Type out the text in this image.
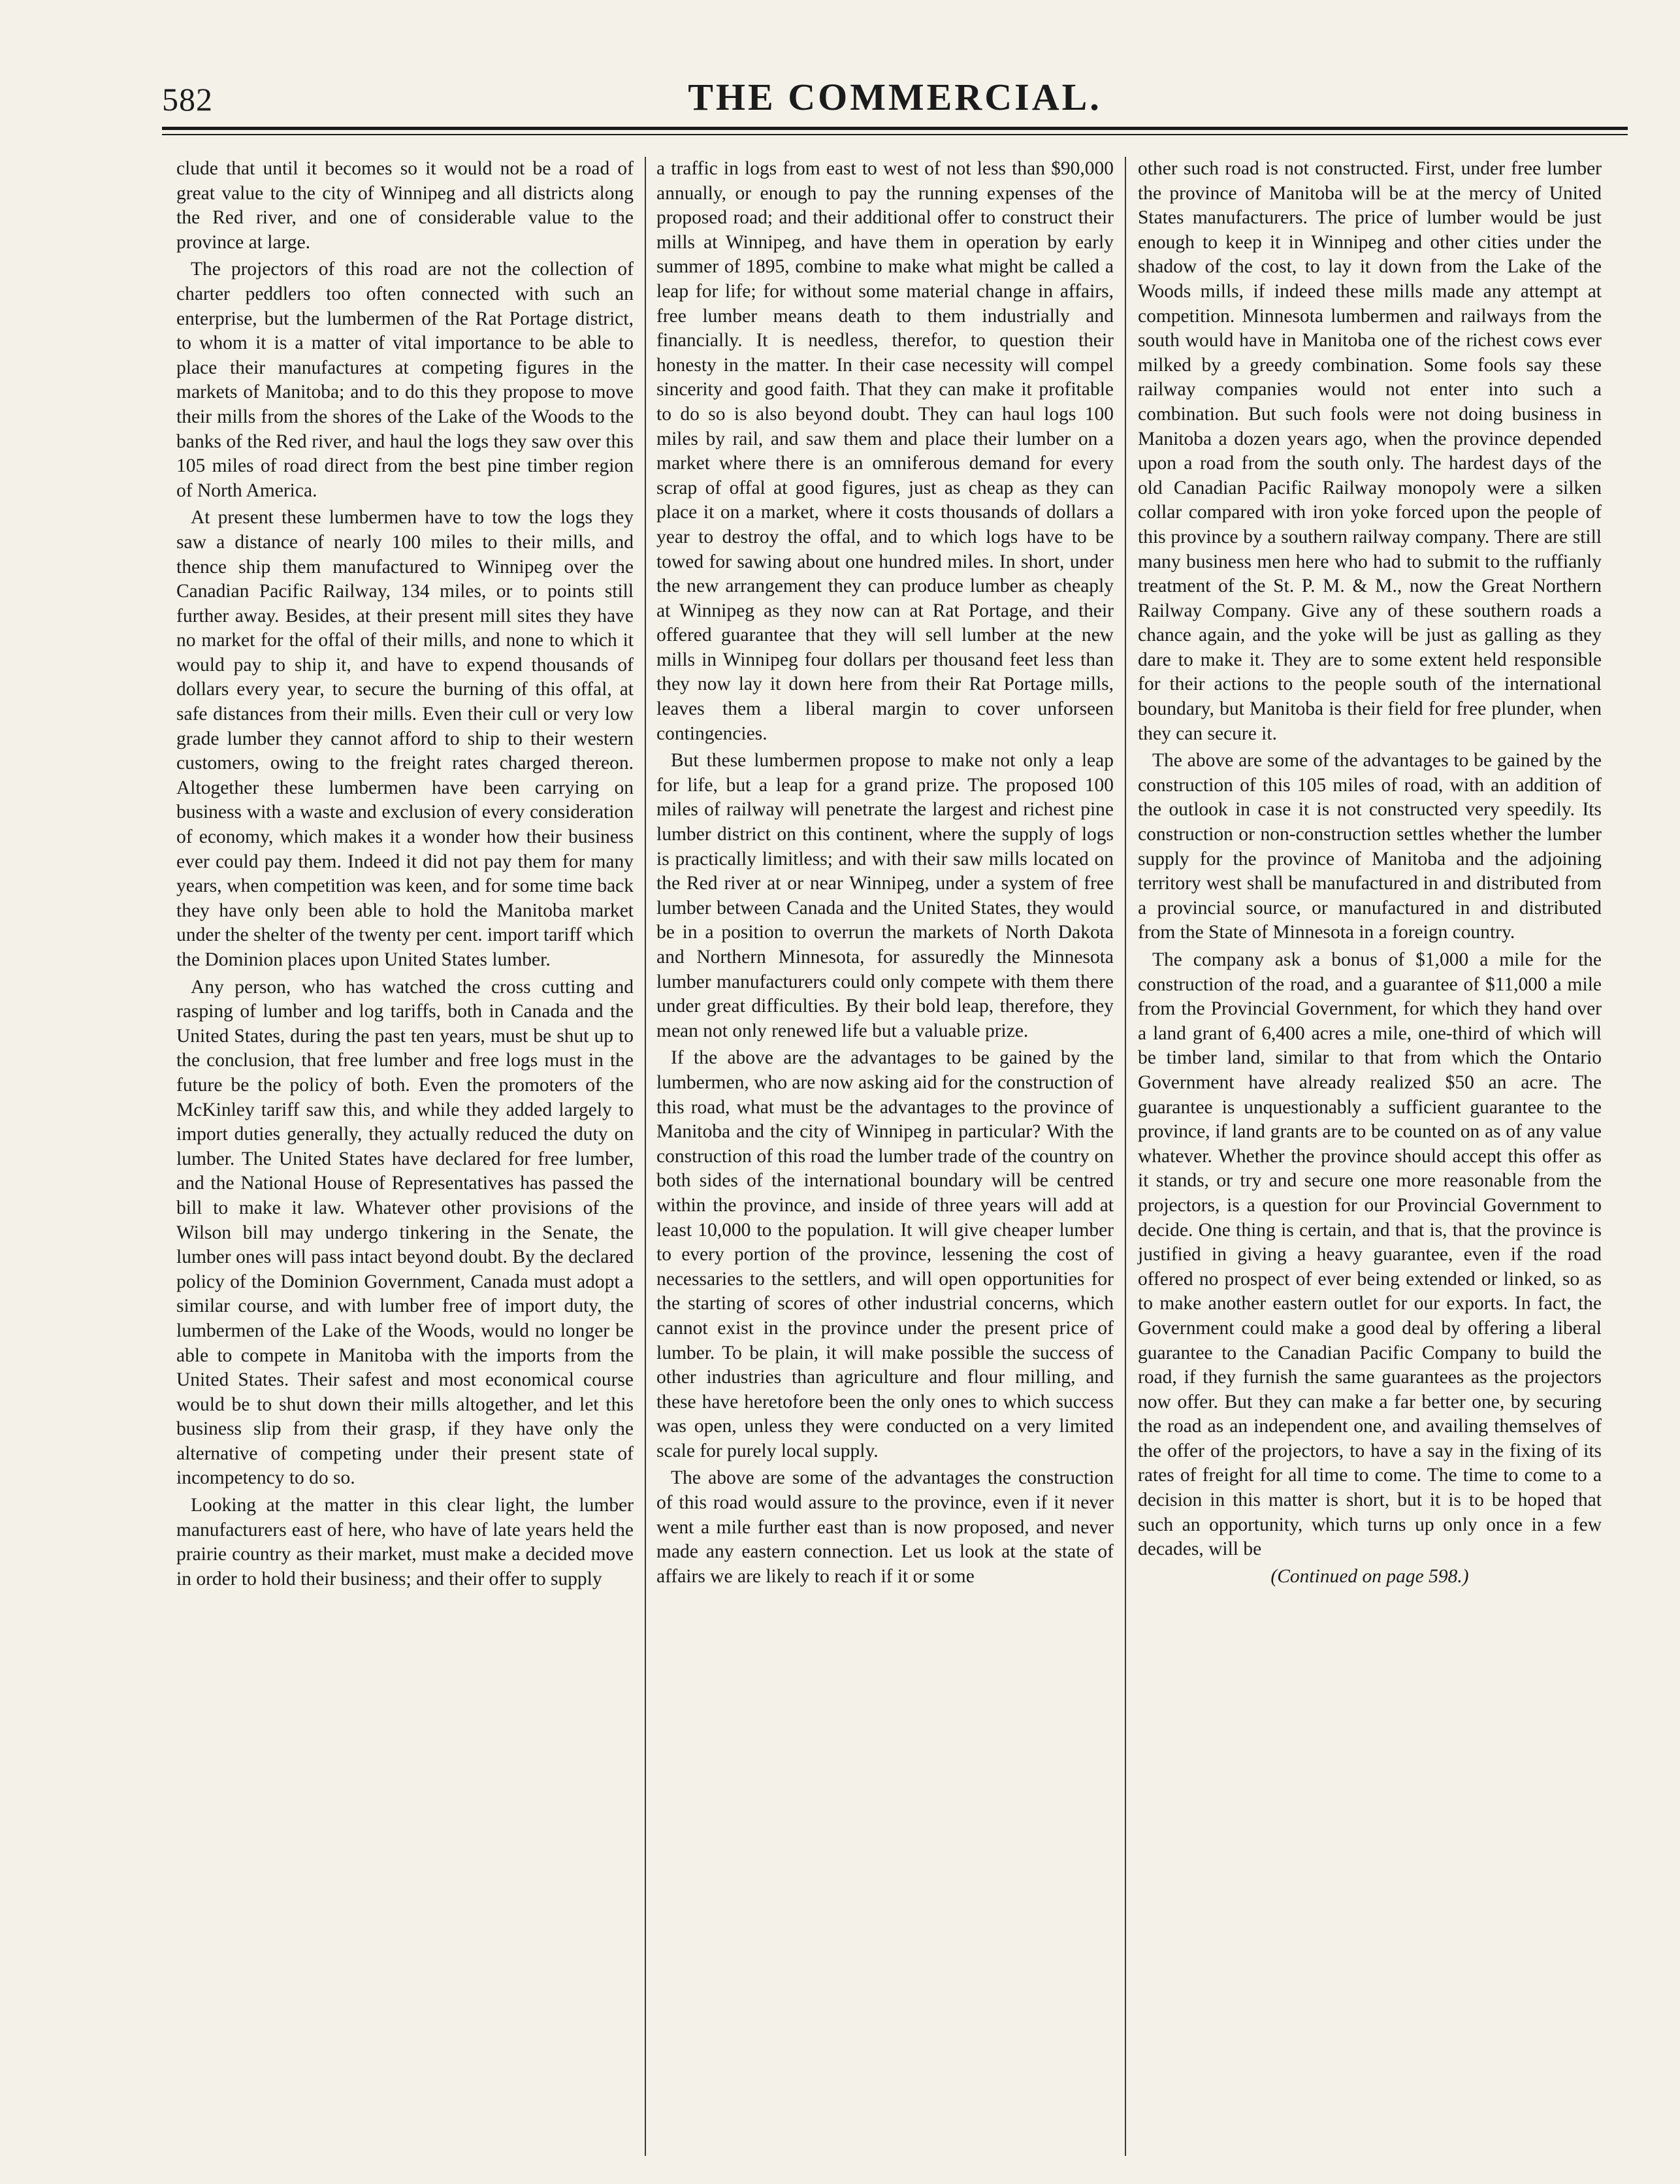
582	THE COMMERCIAL.

clude that until it becomes so it would not be a road of great value to the city of Winnipeg and all districts along the Red river, and one of considerable value to the province at large.

The projectors of this road are not the collection of charter peddlers too often connected with such an enterprise, but the lumbermen of the Rat Portage district, to whom it is a matter of vital importance to be able to place their manufactures at competing figures in the markets of Manitoba; and to do this they propose to move their mills from the shores of the Lake of the Woods to the banks of the Red river, and haul the logs they saw over this 105 miles of road direct from the best pine timber region of North America.

At present these lumbermen have to tow the logs they saw a distance of nearly 100 miles to their mills, and thence ship them manufactured to Winnipeg over the Canadian Pacific Railway, 134 miles, or to points still further away. Besides, at their present mill sites they have no market for the offal of their mills, and none to which it would pay to ship it, and have to expend thousands of dollars every year, to secure the burning of this offal, at safe distances from their mills. Even their cull or very low grade lumber they cannot afford to ship to their western customers, owing to the freight rates charged thereon. Altogether these lumbermen have been carrying on business with a waste and exclusion of every consideration of economy, which makes it a wonder how their business ever could pay them. Indeed it did not pay them for many years, when competition was keen, and for some time back they have only been able to hold the Manitoba market under the shelter of the twenty per cent. import tariff which the Dominion places upon United States lumber.

Any person, who has watched the cross cutting and rasping of lumber and log tariffs, both in Canada and the United States, during the past ten years, must be shut up to the conclusion, that free lumber and free logs must in the future be the policy of both. Even the promoters of the McKinley tariff saw this, and while they added largely to import duties generally, they actually reduced the duty on lumber. The United States have declared for free lumber, and the National House of Representatives has passed the bill to make it law. Whatever other provisions of the Wilson bill may undergo tinkering in the Senate, the lumber ones will pass intact beyond doubt. By the declared policy of the Dominion Government, Canada must adopt a similar course, and with lumber free of import duty, the lumbermen of the Lake of the Woods, would no longer be able to compete in Manitoba with the imports from the United States. Their safest and most economical course would be to shut down their mills altogether, and let this business slip from their grasp, if they have only the alternative of competing under their present state of incompetency to do so.

Looking at the matter in this clear light, the lumber manufacturers east of here, who have of late years held the prairie country as their market, must make a decided move in order to hold their business; and their offer to supply

a traffic in logs from east to west of not less than $90,000 annually, or enough to pay the running expenses of the proposed road; and their additional offer to construct their mills at Winnipeg, and have them in operation by early summer of 1895, combine to make what might be called a leap for life; for without some material change in affairs, free lumber means death to them industrially and financially. It is needless, therefor, to question their honesty in the matter. In their case necessity will compel sincerity and good faith. That they can make it profitable to do so is also beyond doubt. They can haul logs 100 miles by rail, and saw them and place their lumber on a market where there is an omniferous demand for every scrap of offal at good figures, just as cheap as they can place it on a market, where it costs thousands of dollars a year to destroy the offal, and to which logs have to be towed for sawing about one hundred miles. In short, under the new arrangement they can produce lumber as cheaply at Winnipeg as they now can at Rat Portage, and their offered guarantee that they will sell lumber at the new mills in Winnipeg four dollars per thousand feet less than they now lay it down here from their Rat Portage mills, leaves them a liberal margin to cover unforseen contingencies.

But these lumbermen propose to make not only a leap for life, but a leap for a grand prize. The proposed 100 miles of railway will penetrate the largest and richest pine lumber district on this continent, where the supply of logs is practically limitless; and with their saw mills located on the Red river at or near Winnipeg, under a system of free lumber between Canada and the United States, they would be in a position to overrun the markets of North Dakota and Northern Minnesota, for assuredly the Minnesota lumber manufacturers could only compete with them there under great difficulties. By their bold leap, therefore, they mean not only renewed life but a valuable prize.

If the above are the advantages to be gained by the lumbermen, who are now asking aid for the construction of this road, what must be the advantages to the province of Manitoba and the city of Winnipeg in particular? With the construction of this road the lumber trade of the country on both sides of the international boundary will be centred within the province, and inside of three years will add at least 10,000 to the population. It will give cheaper lumber to every portion of the province, lessening the cost of necessaries to the settlers, and will open opportunities for the starting of scores of other industrial concerns, which cannot exist in the province under the present price of lumber. To be plain, it will make possible the success of other industries than agriculture and flour milling, and these have heretofore been the only ones to which success was open, unless they were conducted on a very limited scale for purely local supply.

The above are some of the advantages the construction of this road would assure to the province, even if it never went a mile further east than is now proposed, and never made any eastern connection. Let us look at the state of affairs we are likely to reach if it or some

other such road is not constructed. First, under free lumber the province of Manitoba will be at the mercy of United States manufacturers. The price of lumber would be just enough to keep it in Winnipeg and other cities under the shadow of the cost, to lay it down from the Lake of the Woods mills, if indeed these mills made any attempt at competition. Minnesota lumbermen and railways from the south would have in Manitoba one of the richest cows ever milked by a greedy combination. Some fools say these railway companies would not enter into such a combination. But such fools were not doing business in Manitoba a dozen years ago, when the province depended upon a road from the south only. The hardest days of the old Canadian Pacific Railway monopoly were a silken collar compared with iron yoke forced upon the people of this province by a southern railway company. There are still many business men here who had to submit to the ruffianly treatment of the St. P. M. & M., now the Great Northern Railway Company. Give any of these southern roads a chance again, and the yoke will be just as galling as they dare to make it. They are to some extent held responsible for their actions to the people south of the international boundary, but Manitoba is their field for free plunder, when they can secure it.

The above are some of the advantages to be gained by the construction of this 105 miles of road, with an addition of the outlook in case it is not constructed very speedily. Its construction or non-construction settles whether the lumber supply for the province of Manitoba and the adjoining territory west shall be manufactured in and distributed from a provincial source, or manufactured in and distributed from the State of Minnesota in a foreign country.

The company ask a bonus of $1,000 a mile for the construction of the road, and a guarantee of $11,000 a mile from the Provincial Government, for which they hand over a land grant of 6,400 acres a mile, one-third of which will be timber land, similar to that from which the Ontario Government have already realized $50 an acre. The guarantee is unquestionably a sufficient guarantee to the province, if land grants are to be counted on as of any value whatever. Whether the province should accept this offer as it stands, or try and secure one more reasonable from the projectors, is a question for our Provincial Government to decide. One thing is certain, and that is, that the province is justified in giving a heavy guarantee, even if the road offered no prospect of ever being extended or linked, so as to make another eastern outlet for our exports. In fact, the Government could make a good deal by offering a liberal guarantee to the Canadian Pacific Company to build the road, if they furnish the same guarantees as the projectors now offer. But they can make a far better one, by securing the road as an independent one, and availing themselves of the offer of the projectors, to have a say in the fixing of its rates of freight for all time to come. The time to come to a decision in this matter is short, but it is to be hoped that such an opportunity, which turns up only once in a few decades, will be

(Continued on page 598.)
